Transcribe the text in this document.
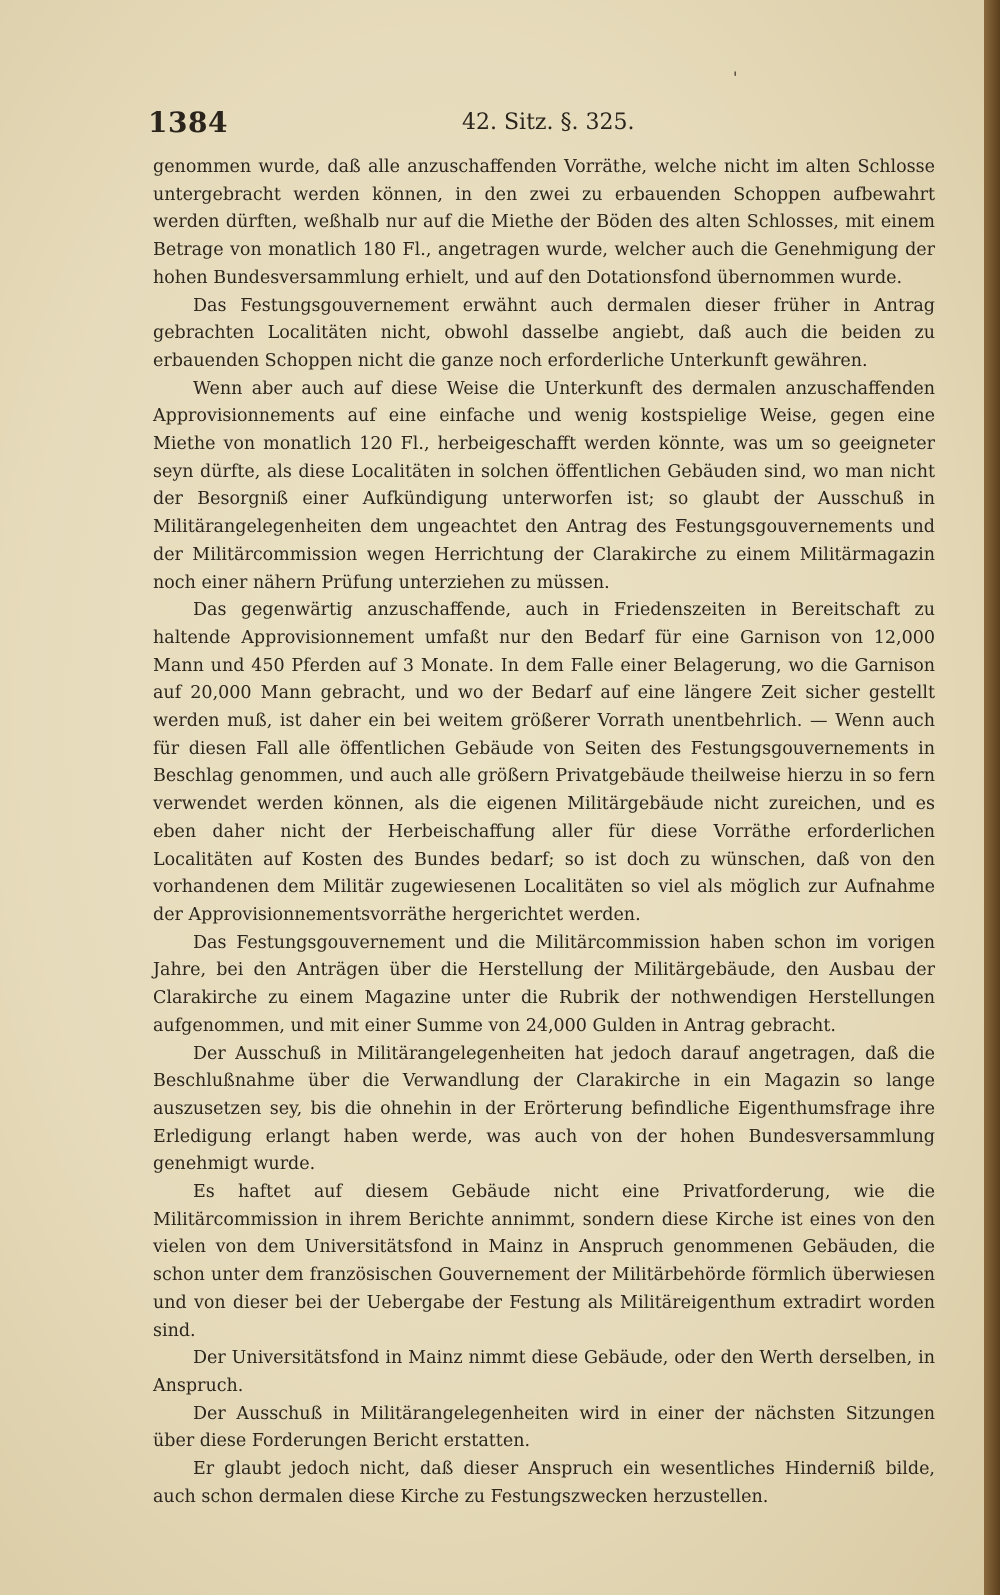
'
1384	42. Sitz. §. 325.

genommen wurde, daß alle anzuschaffenden Vorräthe, welche nicht im alten Schlosse untergebracht werden können, in den zwei zu erbauenden Schoppen aufbewahrt werden dürften, weßhalb nur auf die Miethe der Böden des alten Schlosses, mit einem Betrage von monatlich 180 Fl., angetragen wurde, welcher auch die Genehmigung der hohen Bundesversammlung erhielt, und auf den Dotationsfond übernommen wurde.

Das Festungsgouvernement erwähnt auch dermalen dieser früher in Antrag gebrachten Localitäten nicht, obwohl dasselbe angiebt, daß auch die beiden zu erbauenden Schoppen nicht die ganze noch erforderliche Unterkunft gewähren.

Wenn aber auch auf diese Weise die Unterkunft des dermalen anzuschaffenden Approvisionnements auf eine einfache und wenig kostspielige Weise, gegen eine Miethe von monatlich 120 Fl., herbeigeschafft werden könnte, was um so geeigneter seyn dürfte, als diese Localitäten in solchen öffentlichen Gebäuden sind, wo man nicht der Besorgniß einer Aufkündigung unterworfen ist; so glaubt der Ausschuß in Militärangelegenheiten dem ungeachtet den Antrag des Festungsgouvernements und der Militärcommission wegen Herrichtung der Clarakirche zu einem Militärmagazin noch einer nähern Prüfung unterziehen zu müssen.

Das gegenwärtig anzuschaffende, auch in Friedenszeiten in Bereitschaft zu haltende Approvisionnement umfaßt nur den Bedarf für eine Garnison von 12,000 Mann und 450 Pferden auf 3 Monate. In dem Falle einer Belagerung, wo die Garnison auf 20,000 Mann gebracht, und wo der Bedarf auf eine längere Zeit sicher gestellt werden muß, ist daher ein bei weitem größerer Vorrath unentbehrlich. — Wenn auch für diesen Fall alle öffentlichen Gebäude von Seiten des Festungsgouvernements in Beschlag genommen, und auch alle größern Privatgebäude theilweise hierzu in so fern verwendet werden können, als die eigenen Militärgebäude nicht zureichen, und es eben daher nicht der Herbeischaffung aller für diese Vorräthe erforderlichen Localitäten auf Kosten des Bundes bedarf; so ist doch zu wünschen, daß von den vorhandenen dem Militär zugewiesenen Localitäten so viel als möglich zur Aufnahme der Approvisionnementsvorräthe hergerichtet werden.

Das Festungsgouvernement und die Militärcommission haben schon im vorigen Jahre, bei den Anträgen über die Herstellung der Militärgebäude, den Ausbau der Clarakirche zu einem Magazine unter die Rubrik der nothwendigen Herstellungen aufgenommen, und mit einer Summe von 24,000 Gulden in Antrag gebracht.

Der Ausschuß in Militärangelegenheiten hat jedoch darauf angetragen, daß die Beschlußnahme über die Verwandlung der Clarakirche in ein Magazin so lange auszusetzen sey, bis die ohnehin in der Erörterung befindliche Eigenthumsfrage ihre Erledigung erlangt haben werde, was auch von der hohen Bundesversammlung genehmigt wurde.

Es haftet auf diesem Gebäude nicht eine Privatforderung, wie die Militärcommission in ihrem Berichte annimmt, sondern diese Kirche ist eines von den vielen von dem Universitätsfond in Mainz in Anspruch genommenen Gebäuden, die schon unter dem französischen Gouvernement der Militärbehörde förmlich überwiesen und von dieser bei der Uebergabe der Festung als Militäreigenthum extradirt worden sind.

Der Universitätsfond in Mainz nimmt diese Gebäude, oder den Werth derselben, in Anspruch.

Der Ausschuß in Militärangelegenheiten wird in einer der nächsten Sitzungen über diese Forderungen Bericht erstatten.

Er glaubt jedoch nicht, daß dieser Anspruch ein wesentliches Hinderniß bilde, auch schon dermalen diese Kirche zu Festungszwecken herzustellen.
